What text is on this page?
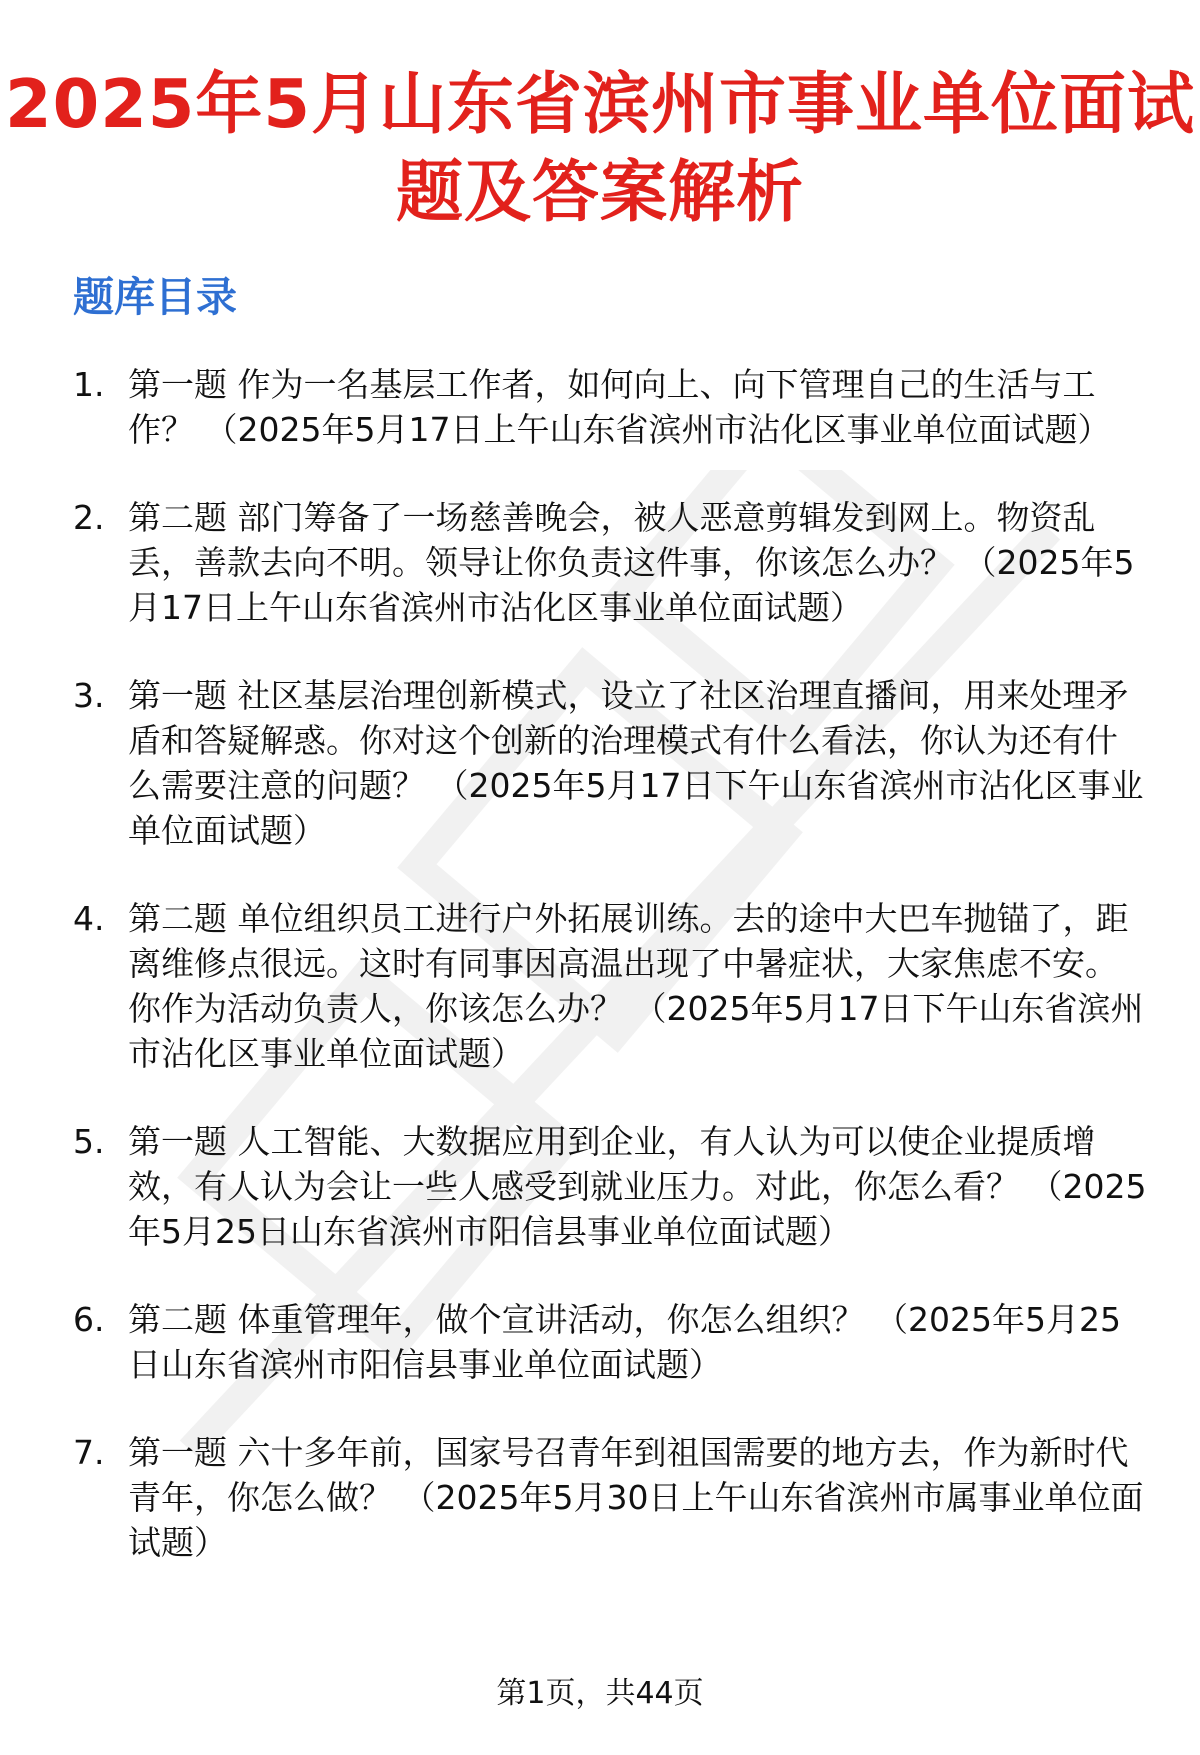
2025年5月山东省滨州市事业单位面试题及答案解析
题库目录
1. 第一题 作为一名基层工作者，如何向上、向下管理自己的生活与工作？ （2025年5月17日上午山东省滨州市沾化区事业单位面试题）
2. 第二题 部门筹备了一场慈善晚会，被人恶意剪辑发到网上。物资乱丢，善款去向不明。领导让你负责这件事，你该怎么办？ （2025年5月17日上午山东省滨州市沾化区事业单位面试题）
3. 第一题 社区基层治理创新模式，设立了社区治理直播间，用来处理矛盾和答疑解惑。你对这个创新的治理模式有什么看法，你认为还有什么需要注意的问题？ （2025年5月17日下午山东省滨州市沾化区事业单位面试题）
4. 第二题 单位组织员工进行户外拓展训练。去的途中大巴车抛锚了，距离维修点很远。这时有同事因高温出现了中暑症状，大家焦虑不安。你作为活动负责人，你该怎么办？ （2025年5月17日下午山东省滨州市沾化区事业单位面试题）
5. 第一题 人工智能、大数据应用到企业，有人认为可以使企业提质增效，有人认为会让一些人感受到就业压力。对此，你怎么看？ （2025年5月25日山东省滨州市阳信县事业单位面试题）
6. 第二题 体重管理年，做个宣讲活动，你怎么组织？ （2025年5月25日山东省滨州市阳信县事业单位面试题）
7. 第一题 六十多年前，国家号召青年到祖国需要的地方去，作为新时代青年，你怎么做？ （2025年5月30日上午山东省滨州市属事业单位面试题）
第1页，共44页
